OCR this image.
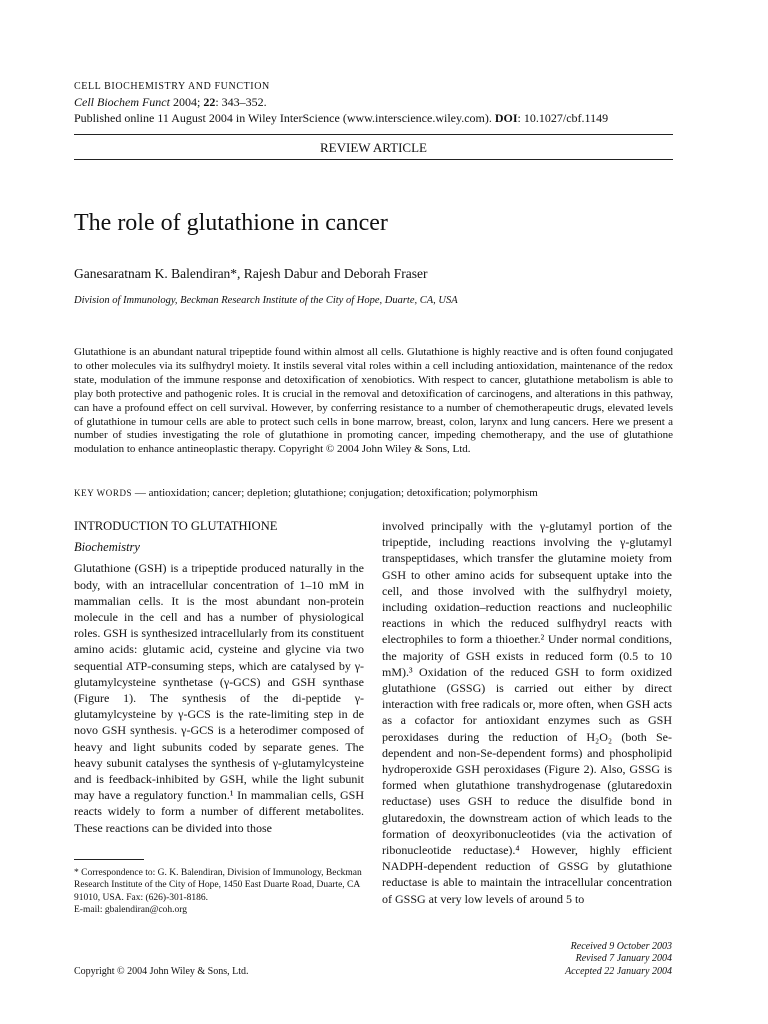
CELL BIOCHEMISTRY AND FUNCTION
Cell Biochem Funct 2004; 22: 343–352.
Published online 11 August 2004 in Wiley InterScience (www.interscience.wiley.com). DOI: 10.1027/cbf.1149
REVIEW ARTICLE
The role of glutathione in cancer
Ganesaratnam K. Balendiran*, Rajesh Dabur and Deborah Fraser
Division of Immunology, Beckman Research Institute of the City of Hope, Duarte, CA, USA
Glutathione is an abundant natural tripeptide found within almost all cells. Glutathione is highly reactive and is often found conjugated to other molecules via its sulfhydryl moiety. It instils several vital roles within a cell including antioxidation, maintenance of the redox state, modulation of the immune response and detoxification of xenobiotics. With respect to cancer, glutathione metabolism is able to play both protective and pathogenic roles. It is crucial in the removal and detoxification of carcinogens, and alterations in this pathway, can have a profound effect on cell survival. However, by conferring resistance to a number of chemotherapeutic drugs, elevated levels of glutathione in tumour cells are able to protect such cells in bone marrow, breast, colon, larynx and lung cancers. Here we present a number of studies investigating the role of glutathione in promoting cancer, impeding chemotherapy, and the use of glutathione modulation to enhance antineoplastic therapy. Copyright © 2004 John Wiley & Sons, Ltd.
KEY WORDS — antioxidation; cancer; depletion; glutathione; conjugation; detoxification; polymorphism
INTRODUCTION TO GLUTATHIONE
Biochemistry

Glutathione (GSH) is a tripeptide produced naturally in the body, with an intracellular concentration of 1–10 mM in mammalian cells. It is the most abundant non-protein molecule in the cell and has a number of physiological roles. GSH is synthesized intracellularly from its constituent amino acids: glutamic acid, cysteine and glycine via two sequential ATP-consuming steps, which are catalysed by γ-glutamylcysteine synthetase (γ-GCS) and GSH synthase (Figure 1). The synthesis of the di-peptide γ-glutamylcysteine by γ-GCS is the rate-limiting step in de novo GSH synthesis. γ-GCS is a heterodimer composed of heavy and light subunits coded by separate genes. The heavy subunit catalyses the synthesis of γ-glutamylcysteine and is feedback-inhibited by GSH, while the light subunit may have a regulatory function.¹ In mammalian cells, GSH reacts widely to form a number of different metabolites. These reactions can be divided into those

involved principally with the γ-glutamyl portion of the tripeptide, including reactions involving the γ-glutamyl transpeptidases, which transfer the glutamine moiety from GSH to other amino acids for subsequent uptake into the cell, and those involved with the sulfhydryl moiety, including oxidation–reduction reactions and nucleophilic reactions in which the reduced sulfhydryl reacts with electrophiles to form a thioether.² Under normal conditions, the majority of GSH exists in reduced form (0.5 to 10 mM).³ Oxidation of the reduced GSH to form oxidized glutathione (GSSG) is carried out either by direct interaction with free radicals or, more often, when GSH acts as a cofactor for antioxidant enzymes such as GSH peroxidases during the reduction of H₂O₂ (both Se-dependent and non-Se-dependent forms) and phospholipid hydroperoxide GSH peroxidases (Figure 2). Also, GSSG is formed when glutathione transhydrogenase (glutaredoxin reductase) uses GSH to reduce the disulfide bond in glutaredoxin, the downstream action of which leads to the formation of deoxyribonucleotides (via the activation of ribonucleotide reductase).⁴ However, highly efficient NADPH-dependent reduction of GSSG by glutathione reductase is able to maintain the intracellular concentration of GSSG at very low levels of around 5 to

* Correspondence to: G. K. Balendiran, Division of Immunology, Beckman Research Institute of the City of Hope, 1450 East Duarte Road, Duarte, CA 91010, USA. Fax: (626)-301-8186.

E-mail: gbalendiran@coh.org

Received 9 October 2003
Revised 7 January 2004
Accepted 22 January 2004
Copyright © 2004 John Wiley & Sons, Ltd.
